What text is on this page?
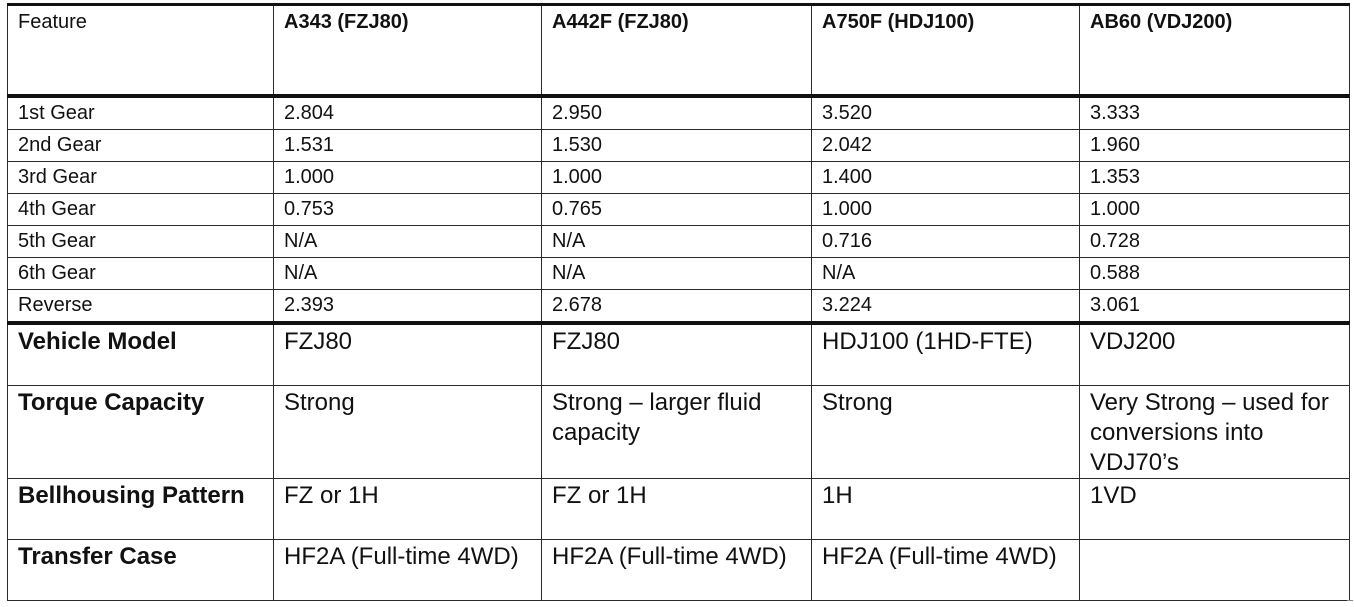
Feature	A343 (FZJ80)	A442F (FZJ80)	A750F (HDJ100)	AB60 (VDJ200)
1st Gear	2.804	2.950	3.520	3.333
2nd Gear	1.531	1.530	2.042	1.960
3rd Gear	1.000	1.000	1.400	1.353
4th Gear	0.753	0.765	1.000	1.000
5th Gear	N/A	N/A	0.716	0.728
6th Gear	N/A	N/A	N/A	0.588
Reverse	2.393	2.678	3.224	3.061
Vehicle Model	FZJ80	FZJ80	HDJ100 (1HD-FTE)	VDJ200
Torque Capacity	Strong	Strong – larger fluid capacity	Strong	Very Strong – used for conversions into VDJ70’s
Bellhousing Pattern	FZ or 1H	FZ or 1H	1H	1VD
Transfer Case	HF2A (Full-time 4WD)	HF2A (Full-time 4WD)	HF2A (Full-time 4WD)	
